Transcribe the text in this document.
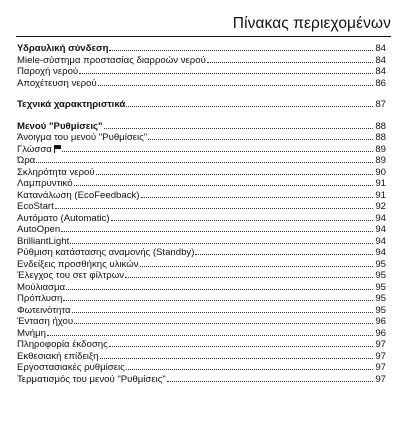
Πίνακας περιεχομένων
Υδραυλική σύνδεση	84
Miele-σύστημα προστασίας διαρροών νερού	84
Παροχή νερού	84
Αποχέτευση νερού	86
Τεχνικά χαρακτηριστικά	87
Μενού "Ρυθμίσεις"	88
Άνοιγμα του μενού "Ρυθμίσεις"	88
Γλώσσα	89
Ώρα	89
Σκληρότητα νερού	90
Λαμπρυντικό	91
Κατανάλωση (EcoFeedback)	91
EcoStart	92
Αυτόματο (Automatic)	94
AutoOpen	94
BrilliantLight	94
Ρύθμιση κατάστασης αναμονής (Standby)	94
Ενδείξεις προσθήκης υλικών	95
Έλεγχος του σετ φίλτρων	95
Μούλιασμα	95
Πρόπλυση	95
Φωτεινότητα	95
Ένταση ήχου	96
Μνήμη	96
Πληροφορία έκδοσης	97
Εκθεσιακή επίδειξη	97
Εργοστασιακές ρυθμίσεις	97
Τερματισμός του μενού "Ρυθμίσεις"	97
